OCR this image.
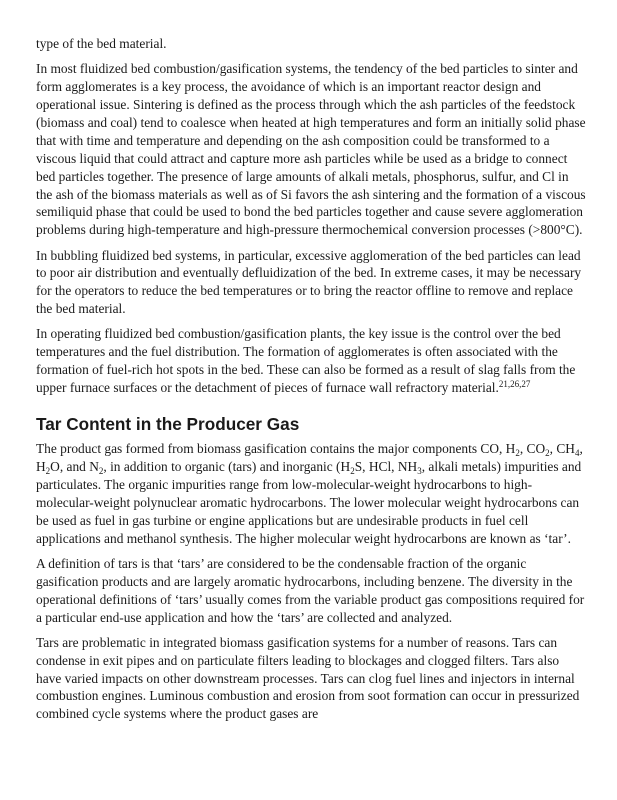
type of the bed material.

In most fluidized bed combustion/gasification systems, the tendency of the bed particles to sinter and form agglomerates is a key process, the avoidance of which is an important reactor design and operational issue. Sintering is defined as the process through which the ash particles of the feedstock (biomass and coal) tend to coalesce when heated at high temperatures and form an initially solid phase that with time and temperature and depending on the ash composition could be transformed to a viscous liquid that could attract and capture more ash particles while be used as a bridge to connect bed particles together. The presence of large amounts of alkali metals, phosphorus, sulfur, and Cl in the ash of the biomass materials as well as of Si favors the ash sintering and the formation of a viscous semiliquid phase that could be used to bond the bed particles together and cause severe agglomeration problems during high-temperature and high-pressure thermochemical conversion processes (>800°C).

In bubbling fluidized bed systems, in particular, excessive agglomeration of the bed particles can lead to poor air distribution and eventually defluidization of the bed. In extreme cases, it may be necessary for the operators to reduce the bed temperatures or to bring the reactor offline to remove and replace the bed material.

In operating fluidized bed combustion/gasification plants, the key issue is the control over the bed temperatures and the fuel distribution. The formation of agglomerates is often associated with the formation of fuel-rich hot spots in the bed. These can also be formed as a result of slag falls from the upper furnace surfaces or the detachment of pieces of furnace wall refractory material.$^{21,26,27}$

Tar Content in the Producer Gas

The product gas formed from biomass gasification contains the major components CO, $H_2$, $CO_2$, $CH_4$, $H_2O$, and $N_2$, in addition to organic (tars) and inorganic ($H_2S$, HCl, $NH_3$, alkali metals) impurities and particulates. The organic impurities range from low-molecular-weight hydrocarbons to high-molecular-weight polynuclear aromatic hydrocarbons. The lower molecular weight hydrocarbons can be used as fuel in gas turbine or engine applications but are undesirable products in fuel cell applications and methanol synthesis. The higher molecular weight hydrocarbons are known as ‘tar’.

A definition of tars is that ‘tars’ are considered to be the condensable fraction of the organic gasification products and are largely aromatic hydrocarbons, including benzene. The diversity in the operational definitions of ‘tars’ usually comes from the variable product gas compositions required for a particular end-use application and how the ‘tars’ are collected and analyzed.

Tars are problematic in integrated biomass gasification systems for a number of reasons. Tars can condense in exit pipes and on particulate filters leading to blockages and clogged filters. Tars also have varied impacts on other downstream processes. Tars can clog fuel lines and injectors in internal combustion engines. Luminous combustion and erosion from soot formation can occur in pressurized combined cycle systems where the product gases are
